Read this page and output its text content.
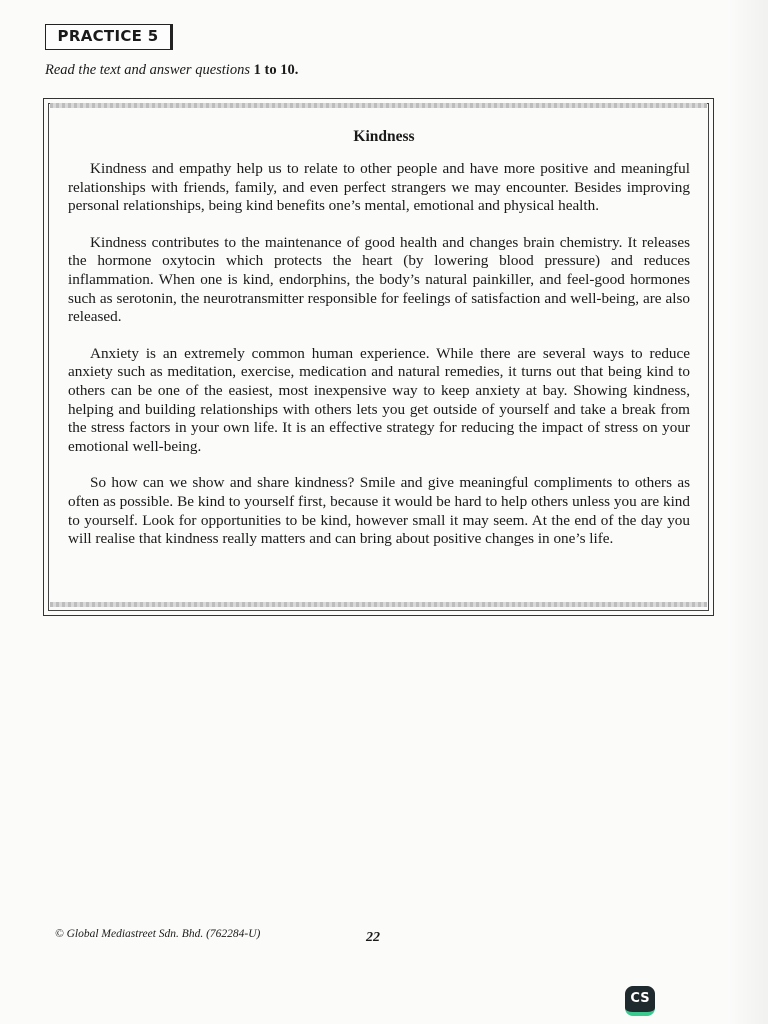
PRACTICE 5
Read the text and answer questions 1 to 10.
Kindness

Kindness and empathy help us to relate to other people and have more positive and meaningful relationships with friends, family, and even perfect strangers we may encounter. Besides improving personal relationships, being kind benefits one’s mental, emotional and physical health.

Kindness contributes to the maintenance of good health and changes brain chemistry. It releases the hormone oxytocin which protects the heart (by lowering blood pressure) and reduces inflammation. When one is kind, endorphins, the body’s natural painkiller, and feel-good hormones such as serotonin, the neurotransmitter responsible for feelings of satisfaction and well-being, are also released.

Anxiety is an extremely common human experience. While there are several ways to reduce anxiety such as meditation, exercise, medication and natural remedies, it turns out that being kind to others can be one of the easiest, most inexpensive way to keep anxiety at bay. Showing kindness, helping and building relationships with others lets you get outside of yourself and take a break from the stress factors in your own life. It is an effective strategy for reducing the impact of stress on your emotional well-being.

So how can we show and share kindness? Smile and give meaningful compliments to others as often as possible. Be kind to yourself first, because it would be hard to help others unless you are kind to yourself. Look for opportunities to be kind, however small it may seem. At the end of the day you will realise that kindness really matters and can bring about positive changes in one’s life.

© Global Mediastreet Sdn. Bhd. (762284-U)	22
CS
